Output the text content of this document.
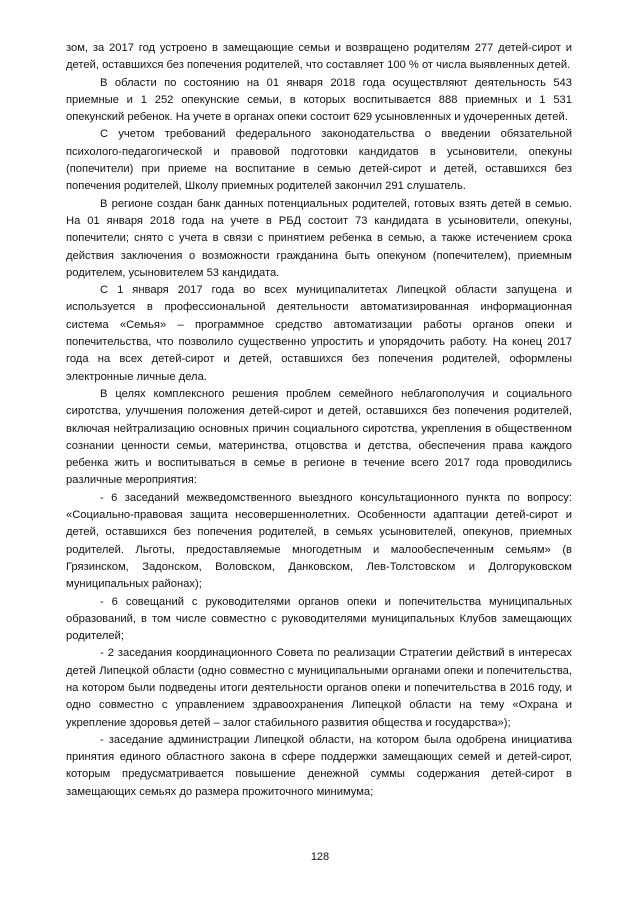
зом, за 2017 год устроено в замещающие семьи и возвращено родителям 277 детей-сирот и детей, оставшихся без попечения родителей, что составляет 100 % от числа выявленных детей.

В области по состоянию на 01 января 2018 года осуществляют деятельность 543 приемные и 1 252 опекунские семьи, в которых воспитывается 888 приемных и 1 531 опекунский ребенок. На учете в органах опеки состоит 629 усыновленных и удочеренных детей.

С учетом требований федерального законодательства о введении обязательной психолого-педагогической и правовой подготовки кандидатов в усыновители, опекуны (попечители) при приеме на воспитание в семью детей-сирот и детей, оставшихся без попечения родителей, Школу приемных родителей закончил 291 слушатель.

В регионе создан банк данных потенциальных родителей, готовых взять детей в семью. На 01 января 2018 года на учете в РБД состоит 73 кандидата в усыновители, опекуны, попечители; снято с учета в связи с принятием ребенка в семью, а также истечением срока действия заключения о возможности гражданина быть опекуном (попечителем), приемным родителем, усыновителем 53 кандидата.

С 1 января 2017 года во всех муниципалитетах Липецкой области запущена и используется в профессиональной деятельности автоматизированная информационная система «Семья» – программное средство автоматизации работы органов опеки и попечительства, что позволило существенно упростить и упорядочить работу. На конец 2017 года на всех детей-сирот и детей, оставшихся без попечения родителей, оформлены электронные личные дела.

В целях комплексного решения проблем семейного неблагополучия и социального сиротства, улучшения положения детей-сирот и детей, оставшихся без попечения родителей, включая нейтрализацию основных причин социального сиротства, укрепления в общественном сознании ценности семьи, материнства, отцовства и детства, обеспечения права каждого ребенка жить и воспитываться в семье в регионе в течение всего 2017 года проводились различные мероприятия:

- 6 заседаний межведомственного выездного консультационного пункта по вопросу: «Социально-правовая защита несовершеннолетних. Особенности адаптации детей-сирот и детей, оставшихся без попечения родителей, в семьях усыновителей, опекунов, приемных родителей. Льготы, предоставляемые многодетным и малообеспеченным семьям» (в Грязинском, Задонском, Воловском, Данковском, Лев-Толстовском и Долгоруковском муниципальных районах);

- 6 совещаний с руководителями органов опеки и попечительства муниципальных образований, в том числе совместно с руководителями муниципальных Клубов замещающих родителей;

- 2 заседания координационного Совета по реализации Стратегии действий в интересах детей Липецкой области (одно совместно с муниципальными органами опеки и попечительства, на котором были подведены итоги деятельности органов опеки и попечительства в 2016 году, и одно совместно с управлением здравоохранения Липецкой области на тему «Охрана и укрепление здоровья детей – залог стабильного развития общества и государства»);

- заседание администрации Липецкой области, на котором была одобрена инициатива принятия единого областного закона в сфере поддержки замещающих семей и детей-сирот, которым предусматривается повышение денежной суммы содержания детей-сирот в замещающих семьях до размера прожиточного минимума;

128
